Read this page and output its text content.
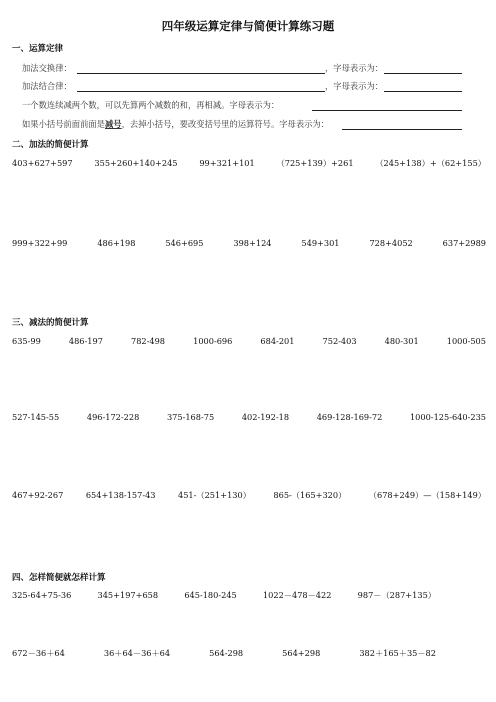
四年级运算定律与简便计算练习题
一、运算定律
加法交换律：	，字母表示为：
加法结合律：	，字母表示为：
一个数连续减两个数，可以先算两个减数的和，再相减。字母表示为：
如果小括号前面前面是减号，去掉小括号，要改变括号里的运算符号。字母表示为：
二、加法的简便计算
403+627+597	355+260+140+245	99+321+101	（725+139）+261	（245+138）+（62+155）
999+322+99	486+198	546+695	398+124	549+301	728+4052	637+2989
三、减法的简便计算
635-99	486-197	782-498	1000-696	684-201	752-403	480-301	1000-505
527-145-55	496-172-228	375-168-75	402-192-18	469-128-169-72	1000-125-640-235
467+92-267	654+138-157-43	451-（251+130）	865-（165+320）	（678+249）—（158+149）
四、怎样简便就怎样计算
325-64+75-36	345+197+658	645-180-245	1022－478－422	987－（287+135）
672－36＋64	36＋64－36＋64	564-298	564+298	382＋165＋35－82
